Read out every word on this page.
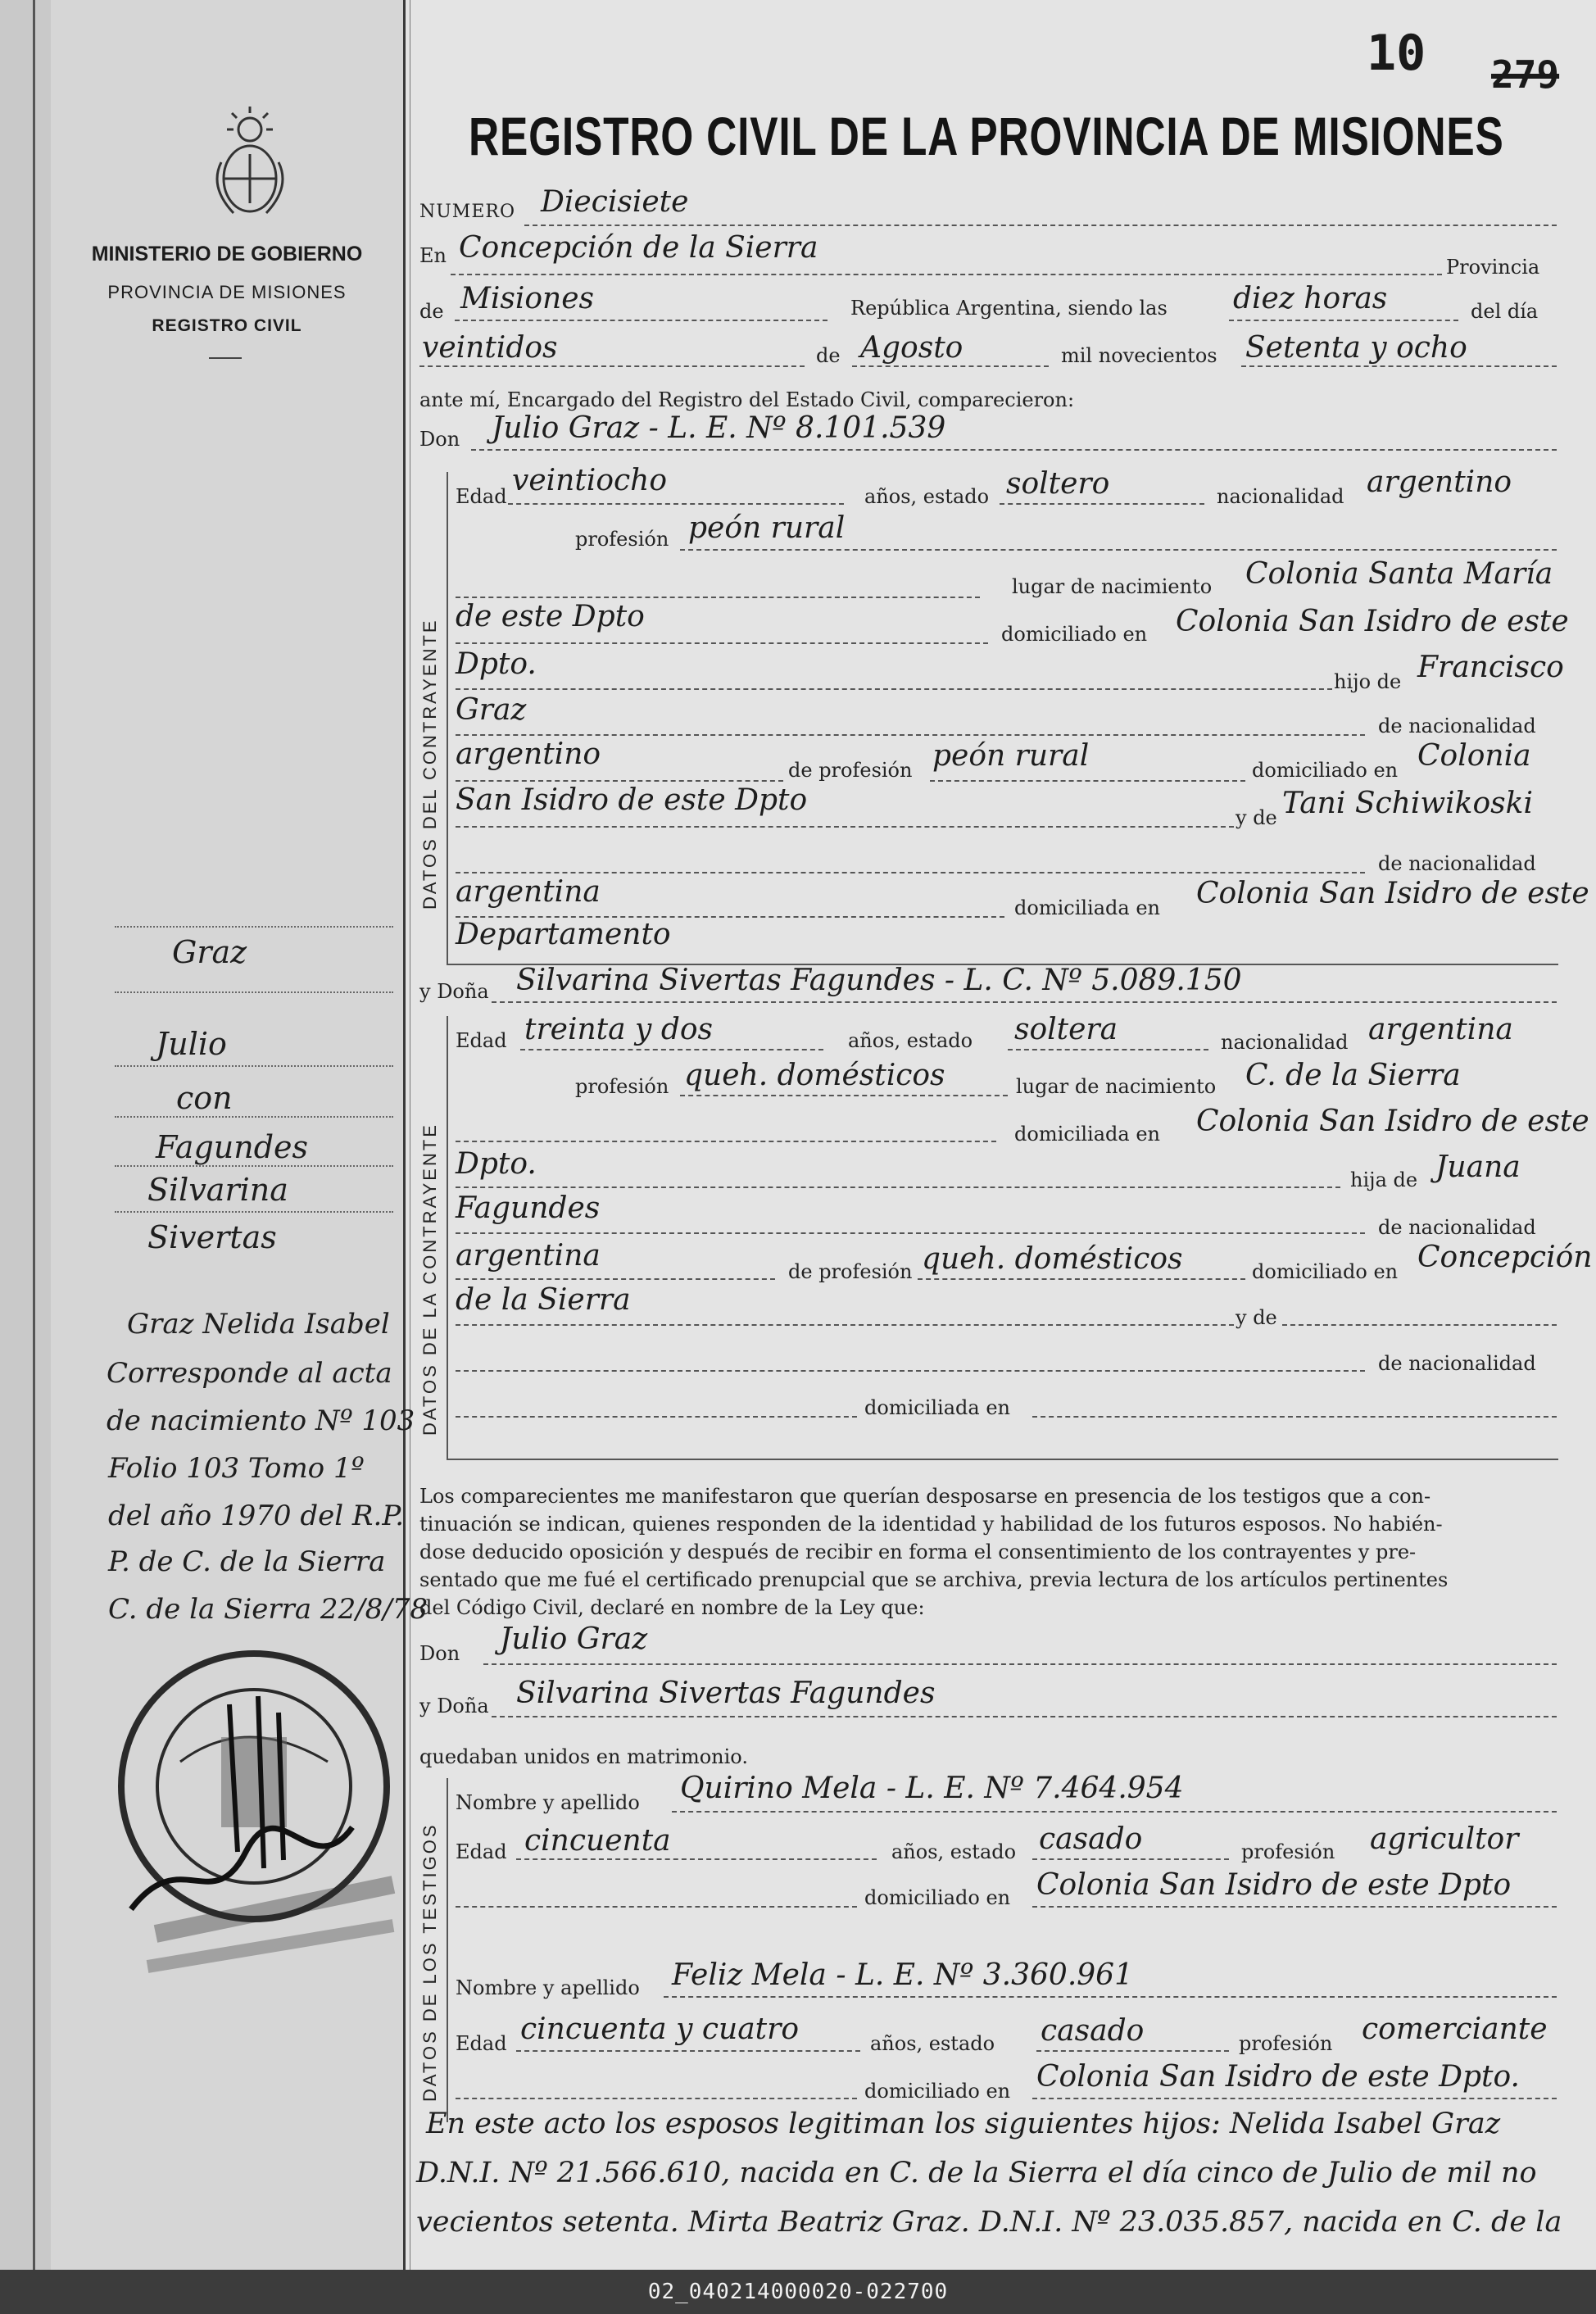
MINISTERIO DE GOBIERNO
PROVINCIA DE MISIONES
REGISTRO CIVIL
Graz
Julio
con
Fagundes
Silvarina
Sivertas
Graz Nelida Isabel
Corresponde al acta
de nacimiento Nº 103
Folio 103 Tomo 1º
del año 1970 del R.P.
P. de C. de la Sierra
C. de la Sierra 22/8/78
10 279
REGISTRO CIVIL DE LA PROVINCIA DE MISIONES
NUMERO Diecisiete
En Concepción de la Sierra
Provincia
de Misiones	República Argentina, siendo las diez horas	del día
veintidos	de Agosto	mil novecientos Setenta y ocho
ante mí, Encargado del Registro del Estado Civil, comparecieron:
Don Julio Graz - L. E. Nº 8.101.539
DATOS DEL CONTRAYENTE
Edad veintiocho	años, estado soltero	nacionalidad argentino
profesión peón rural
lugar de nacimiento Colonia Santa María
de este Dpto
domiciliado en Colonia San Isidro de este
Dpto.
hijo de Francisco
Graz	de nacionalidad
argentino	de profesión peón rural	domiciliado en Colonia
San Isidro de este Dpto
y de Tani Schiwikoski
de nacionalidad
argentina	domiciliada en Colonia San Isidro de este
Departamento
y Doña Silvarina Sivertas Fagundes - L. C. Nº 5.089.150
DATOS DE LA CONTRAYENTE
Edad treinta y dos	años, estado soltera	nacionalidad argentina
profesión queh. domésticos	lugar de nacimiento C. de la Sierra
domiciliada en Colonia San Isidro de este
Dpto.	hija de Juana
Fagundes
de nacionalidad
argentina	de profesión queh. domésticos	domiciliado en Concepción
de la Sierra
y de
de nacionalidad
domiciliada en
Los comparecientes me manifestaron que querían desposarse en presencia de los testigos que a con-
tinuación se indican, quienes responden de la identidad y habilidad de los futuros esposos. No habién-
dose deducido oposición y después de recibir en forma el consentimiento de los contrayentes y pre-
sentado que me fué el certificado prenupcial que se archiva, previa lectura de los artículos pertinentes
del Código Civil, declaré en nombre de la Ley que:
Don Julio Graz
y Doña Silvarina Sivertas Fagundes
quedaban unidos en matrimonio.
DATOS DE LOS TESTIGOS
Nombre y apellido Quirino Mela - L. E. Nº 7.464.954
Edad cincuenta	años, estado casado	profesión agricultor
domiciliado en Colonia San Isidro de este Dpto
Nombre y apellido Feliz Mela - L. E. Nº 3.360.961
Edad cincuenta y cuatro	años, estado casado	profesión comerciante
domiciliado en Colonia San Isidro de este Dpto.
En este acto los esposos legitiman los siguientes hijos: Nelida Isabel Graz
D.N.I. Nº 21.566.610, nacida en C. de la Sierra el día cinco de Julio de mil no
vecientos setenta. Mirta Beatriz Graz. D.N.I. Nº 23.035.857, nacida en C. de la
02_040214000020-022700
